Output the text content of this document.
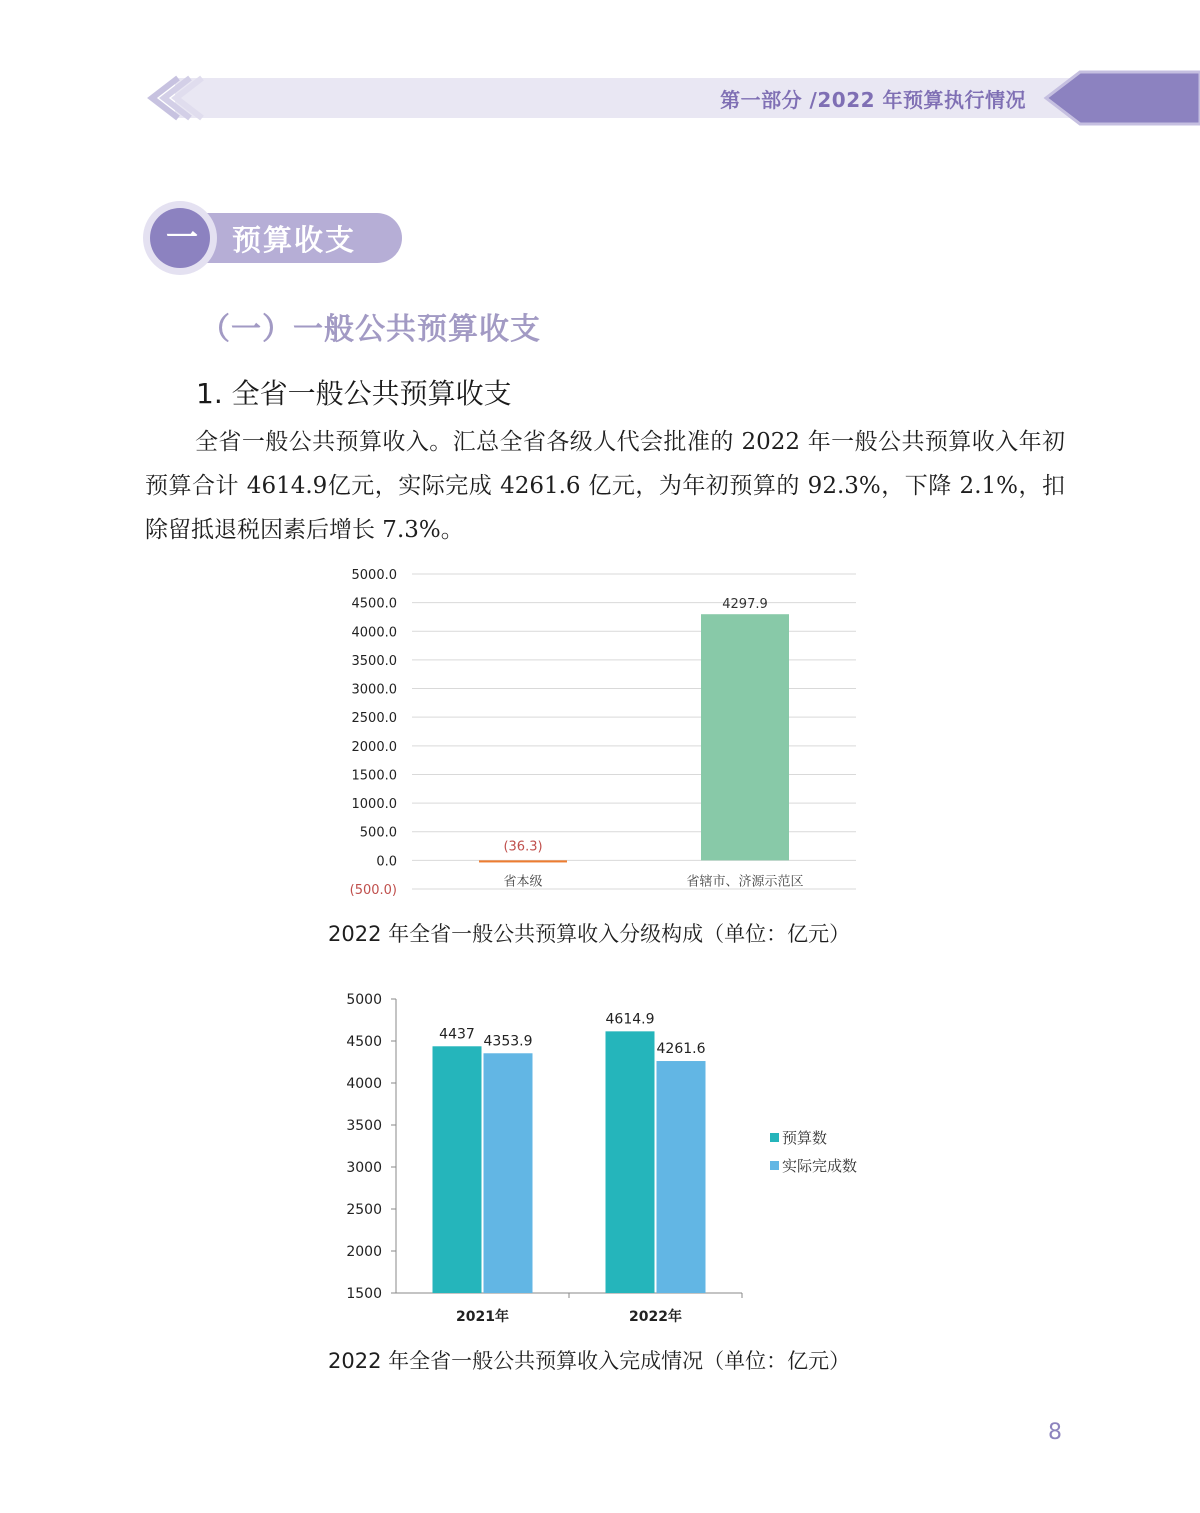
第一部分 /2022 年预算执行情况
一 预算收支
（一）一般公共预算收支
1. 全省一般公共预算收支
全省一般公共预算收入。汇总全省各级人代会批准的 2022 年一般公共预算收入年初预算合计 4614.9亿元，实际完成 4261.6 亿元，为年初预算的 92.3%，下降 2.1%，扣除留抵退税因素后增长 7.3%。
(500.0)
0.0
500.0
1000.0
1500.0
2000.0
2500.0
3000.0
3500.0
4000.0
4500.0
5000.0
(36.3)
省本级
4297.9
省辖市、济源示范区
2022 年全省一般公共预算收入分级构成（单位：亿元）
1500
2000
2500
3000
3500
4000
4500
5000
4437 4353.9
2021年
4614.9
4261.6
2022年
预算数
实际完成数
2022 年全省一般公共预算收入完成情况（单位：亿元）
8
